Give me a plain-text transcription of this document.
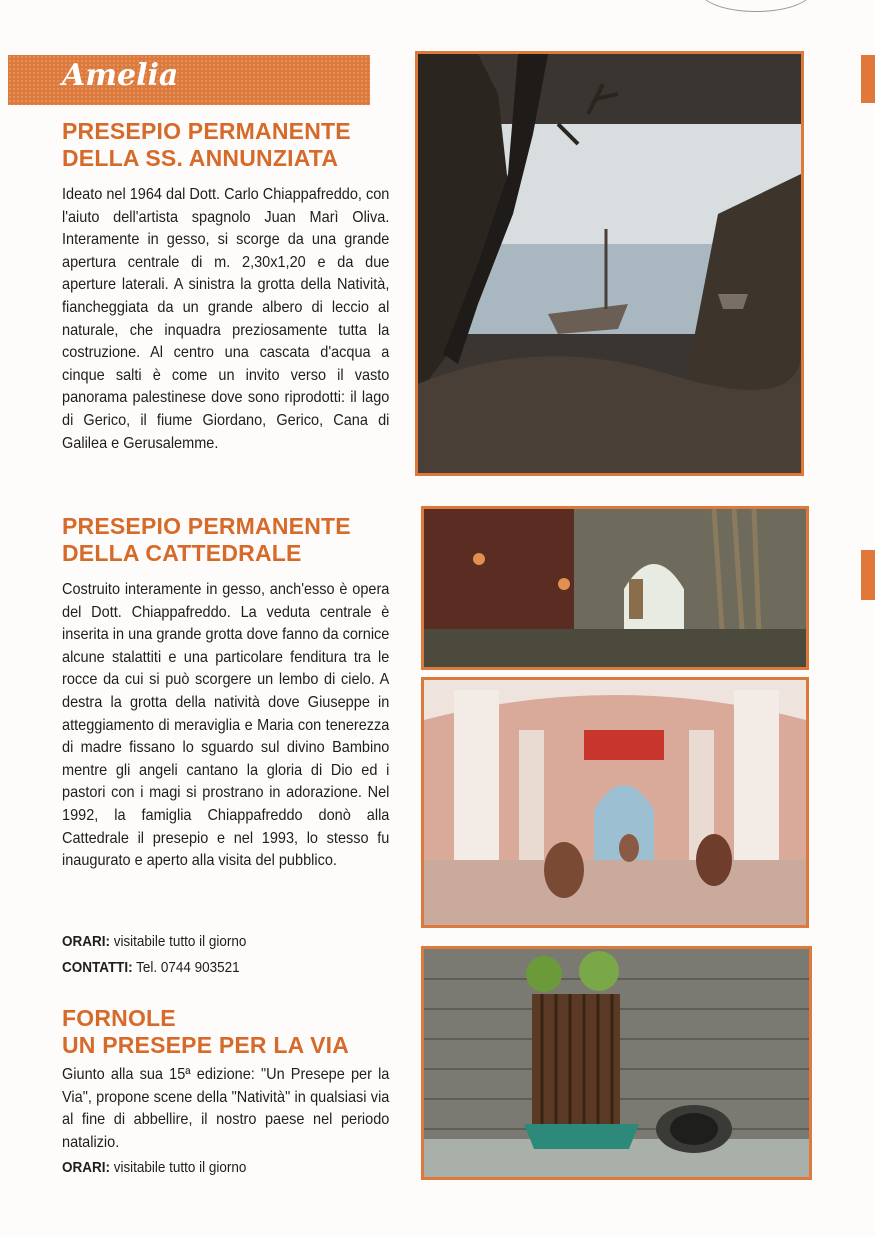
Amelia
PRESEPIO PERMANENTE
DELLA SS. ANNUNZIATA
Ideato nel 1964 dal Dott. Carlo Chiappafreddo, con l'aiuto dell'artista spagnolo Juan Marì Oliva. Interamente in gesso, si scorge da una grande apertura centrale di m. 2,30x1,20 e da due aperture laterali. A sinistra la grotta della Natività, fiancheggiata da un grande albero di leccio al naturale, che inquadra preziosamente tutta la costruzione. Al centro una cascata d'acqua a cinque salti è come un invito verso il vasto panorama palestinese dove sono riprodotti: il lago di Gerico, il fiume Giordano, Gerico, Cana di Galilea e Gerusalemme.
PRESEPIO PERMANENTE
DELLA CATTEDRALE
Costruito interamente in gesso, anch'esso è opera del Dott. Chiappafreddo. La veduta centrale è inserita in una grande grotta dove fanno da cornice alcune stalattiti e una particolare fenditura tra le rocce da cui si può scorgere un lembo di cielo. A destra la grotta della natività dove Giuseppe in atteggiamento di meraviglia e Maria con tenerezza di madre fissano lo sguardo sul divino Bambino mentre gli angeli cantano la gloria di Dio ed i pastori con i magi si prostrano in adorazione. Nel 1992, la famiglia Chiappafreddo donò alla Cattedrale il presepio e nel 1993, lo stesso fu inaugurato e aperto alla visita del pubblico.
ORARI: visitabile tutto il giorno
CONTATTI: Tel. 0744 903521
FORNOLE
UN PRESEPE PER LA VIA
Giunto alla sua 15ª edizione: "Un Presepe per la Via", propone scene della "Natività" in qualsiasi via al fine di abbellire, il nostro paese nel periodo natalizio.
ORARI: visitabile tutto il giorno
